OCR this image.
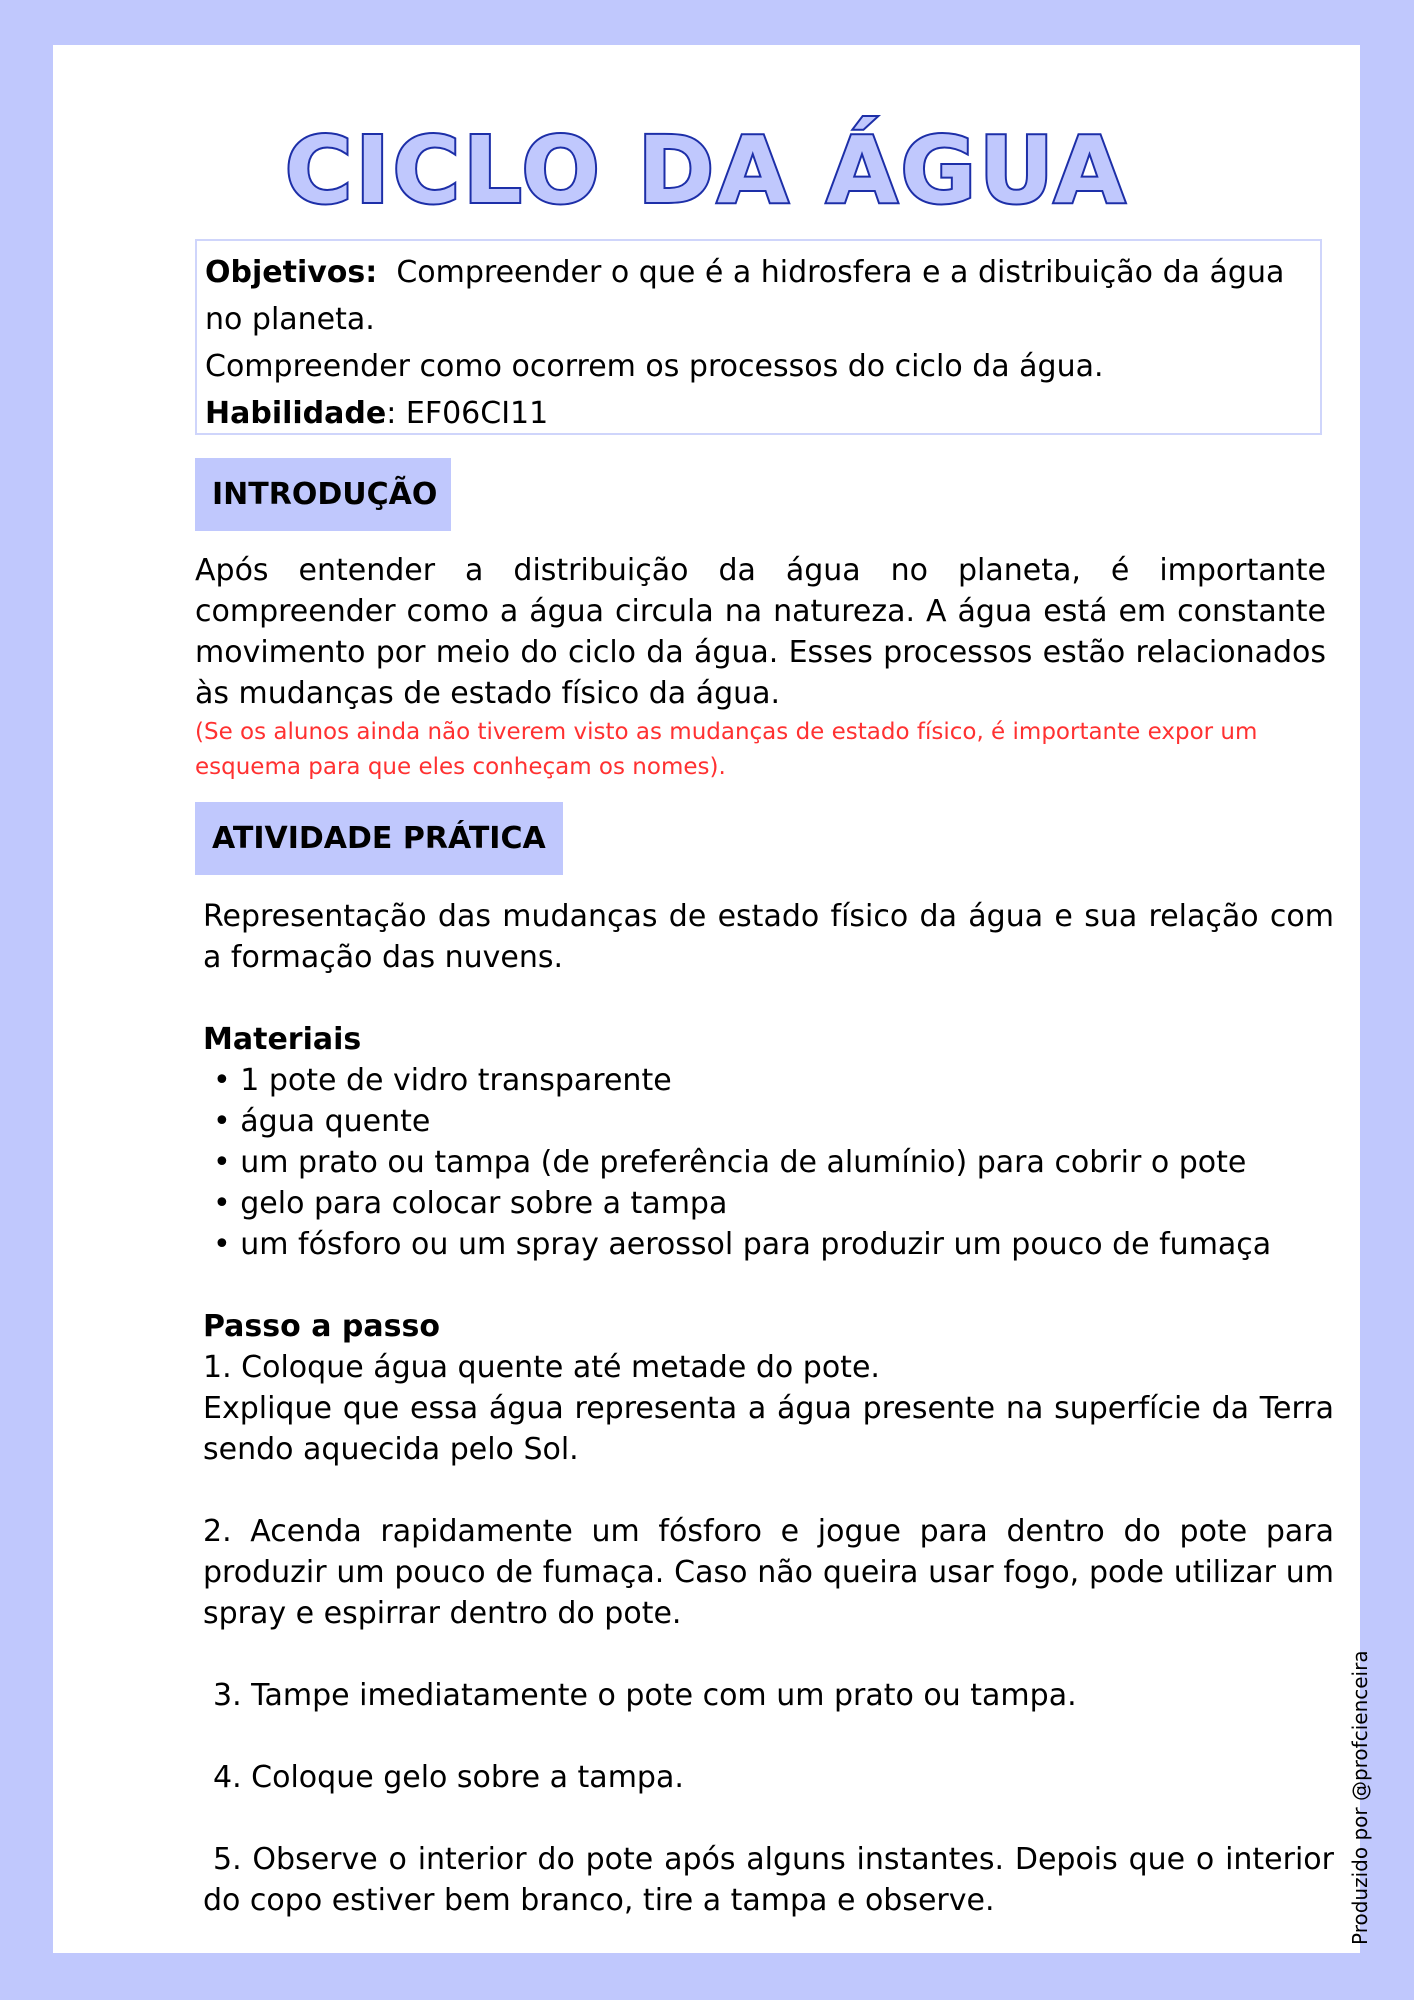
CICLO DA ÁGUA
Objetivos: Compreender o que é a hidrosfera e a distribuição da água no planeta.
Compreender como ocorrem os processos do ciclo da água.
Habilidade: EF06CI11
INTRODUÇÃO
Após entender a distribuição da água no planeta, é importante compreender como a água circula na natureza. A água está em constante movimento por meio do ciclo da água. Esses processos estão relacionados às mudanças de estado físico da água.
(Se os alunos ainda não tiverem visto as mudanças de estado físico, é importante expor um esquema para que eles conheçam os nomes).
ATIVIDADE PRÁTICA
Representação das mudanças de estado físico da água e sua relação com a formação das nuvens.
Materiais
• 1 pote de vidro transparente
• água quente
• um prato ou tampa (de preferência de alumínio) para cobrir o pote
• gelo para colocar sobre a tampa
• um fósforo ou um spray aerossol para produzir um pouco de fumaça
Passo a passo
1. Coloque água quente até metade do pote.
Explique que essa água representa a água presente na superfície da Terra sendo aquecida pelo Sol.
2. Acenda rapidamente um fósforo e jogue para dentro do pote para produzir um pouco de fumaça. Caso não queira usar fogo, pode utilizar um spray e espirrar dentro do pote.
3. Tampe imediatamente o pote com um prato ou tampa.
4. Coloque gelo sobre a tampa.
5. Observe o interior do pote após alguns instantes. Depois que o interior do copo estiver bem branco, tire a tampa e observe.	Produzido por @profcienceira
